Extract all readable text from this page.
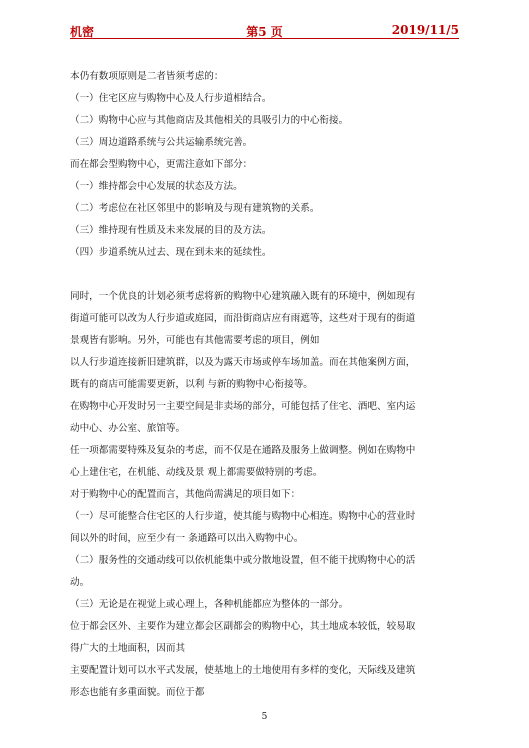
机密	第5 页	2019/11/5
本仍有数项原则是二者皆须考虑的：
（一）住宅区应与购物中心及人行步道相结合。
（二）购物中心应与其他商店及其他相关的具吸引力的中心衔接。
（三）周边道路系统与公共运输系统完善。
而在都会型购物中心，更需注意如下部分：
（一）维持都会中心发展的状态及方法。
（二）考虑位在社区邻里中的影响及与现有建筑物的关系。
（三）维持现有性质及未来发展的目的及方法。
（四）步道系统从过去、现在到未来的延续性。
同时，一个优良的计划必须考虑将新的购物中心建筑融入既有的环境中，例如现有
街道可能可以改为人行步道或庭园，而沿街商店应有雨遮等，这些对于现有的街道
景观皆有影响。另外，可能也有其他需要考虑的项目，例如
以人行步道连接新旧建筑群，以及为露天市场或停车场加盖。而在其他案例方面，
既有的商店可能需要更新，以利 与新的购物中心衔接等。
在购物中心开发时另一主要空间是非卖场的部分，可能包括了住宅、酒吧、室内运
动中心、办公室、旅馆等。
任一项都需要特殊及复杂的考虑，而不仅是在通路及服务上做调整。例如在购物中
心上建住宅，在机能、动线及景 观上都需要做特别的考虑。
对于购物中心的配置而言，其他尚需满足的项目如下：
（一）尽可能整合住宅区的人行步道，使其能与购物中心相连。购物中心的营业时
间以外的时间，应至少有一 条通路可以出入购物中心。
（二）服务性的交通动线可以依机能集中或分散地设置，但不能干扰购物中心的活
动。
（三）无论是在视觉上或心理上，各种机能都应为整体的一部分。
位于都会区外、主要作为建立都会区副都会的购物中心，其土地成本较低，较易取
得广大的土地面积，因而其
主要配置计划可以水平式发展，使基地上的土地使用有多样的变化，天际线及建筑
形态也能有多重面貌。而位于都
5
